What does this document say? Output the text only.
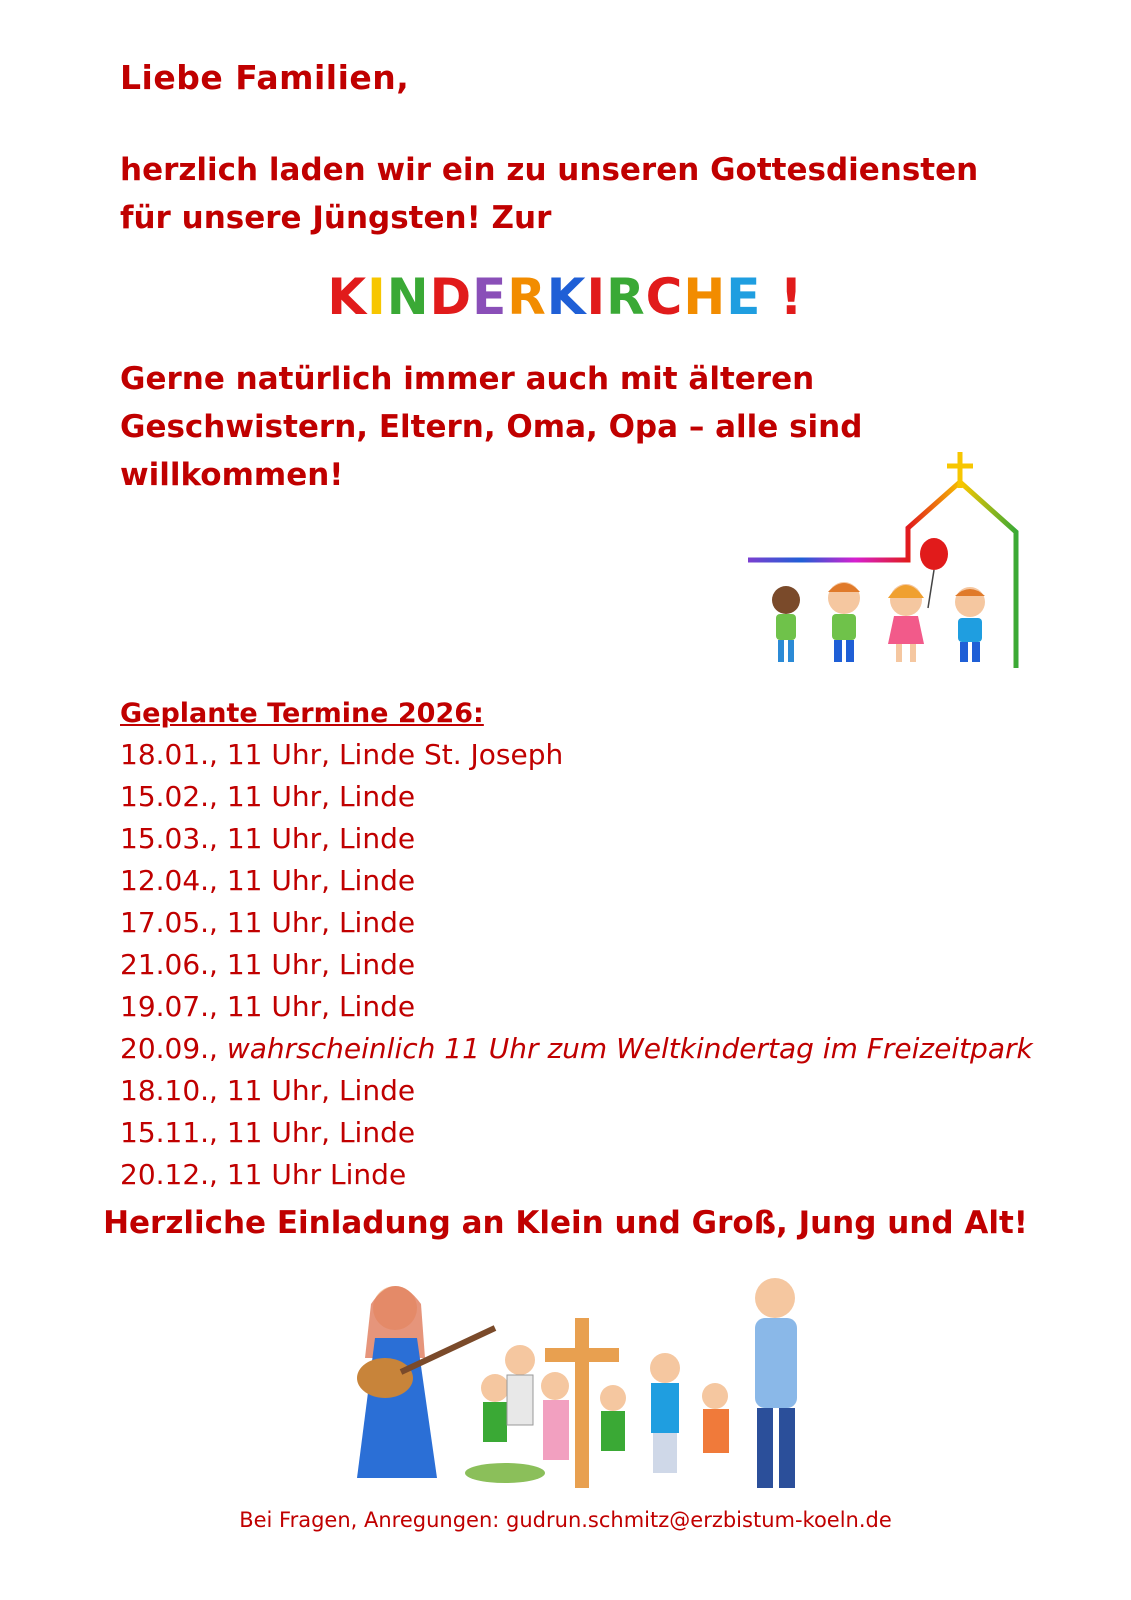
Liebe Familien,
herzlich laden wir ein zu unseren Gottesdiensten für unsere Jüngsten! Zur
KINDERKIRCHE !
Gerne natürlich immer auch mit älteren Geschwistern, Eltern, Oma, Opa – alle sind willkommen!
Geplante Termine 2026:
18.01., 11 Uhr, Linde St. Joseph
15.02., 11 Uhr, Linde
15.03., 11 Uhr, Linde
12.04., 11 Uhr, Linde
17.05., 11 Uhr, Linde
21.06., 11 Uhr, Linde
19.07., 11 Uhr, Linde
20.09., wahrscheinlich 11 Uhr zum Weltkindertag im Freizeitpark
18.10., 11 Uhr, Linde
15.11., 11 Uhr, Linde
20.12., 11 Uhr Linde
Herzliche Einladung an Klein und Groß, Jung und Alt!
Bei Fragen, Anregungen: gudrun.schmitz@erzbistum-koeln.de
